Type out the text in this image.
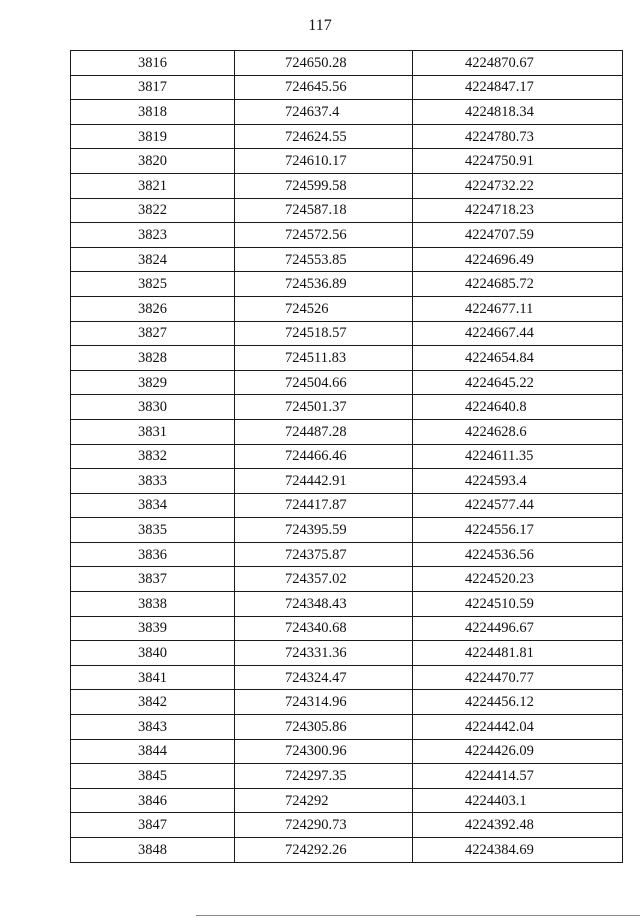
117
3816	724650.28	4224870.67
3817	724645.56	4224847.17
3818	724637.4	4224818.34
3819	724624.55	4224780.73
3820	724610.17	4224750.91
3821	724599.58	4224732.22
3822	724587.18	4224718.23
3823	724572.56	4224707.59
3824	724553.85	4224696.49
3825	724536.89	4224685.72
3826	724526	4224677.11
3827	724518.57	4224667.44
3828	724511.83	4224654.84
3829	724504.66	4224645.22
3830	724501.37	4224640.8
3831	724487.28	4224628.6
3832	724466.46	4224611.35
3833	724442.91	4224593.4
3834	724417.87	4224577.44
3835	724395.59	4224556.17
3836	724375.87	4224536.56
3837	724357.02	4224520.23
3838	724348.43	4224510.59
3839	724340.68	4224496.67
3840	724331.36	4224481.81
3841	724324.47	4224470.77
3842	724314.96	4224456.12
3843	724305.86	4224442.04
3844	724300.96	4224426.09
3845	724297.35	4224414.57
3846	724292	4224403.1
3847	724290.73	4224392.48
3848	724292.26	4224384.69
